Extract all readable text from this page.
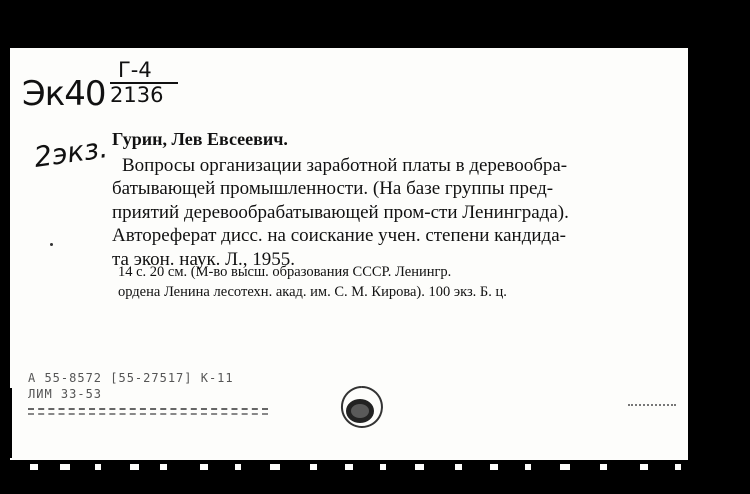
Эк40
Г-4
2136
2экз. Гурин, Лев Евсеевич.
Вопросы организации заработной платы в деревообра-
батывающей промышленности. (На базе группы пред-
приятий деревообрабатывающей пром-сти Ленинграда).
Автореферат дисс. на соискание учен. степени кандида-
та экон. наук. Л., 1955.
14 с. 20 см. (М-во высш. образования СССР. Ленингр.
ордена Ленина лесотехн. акад. им. С. М. Кирова). 100 экз. Б. ц.
А 55-8572 [55-27517] К-11
ЛИМ 33-53
